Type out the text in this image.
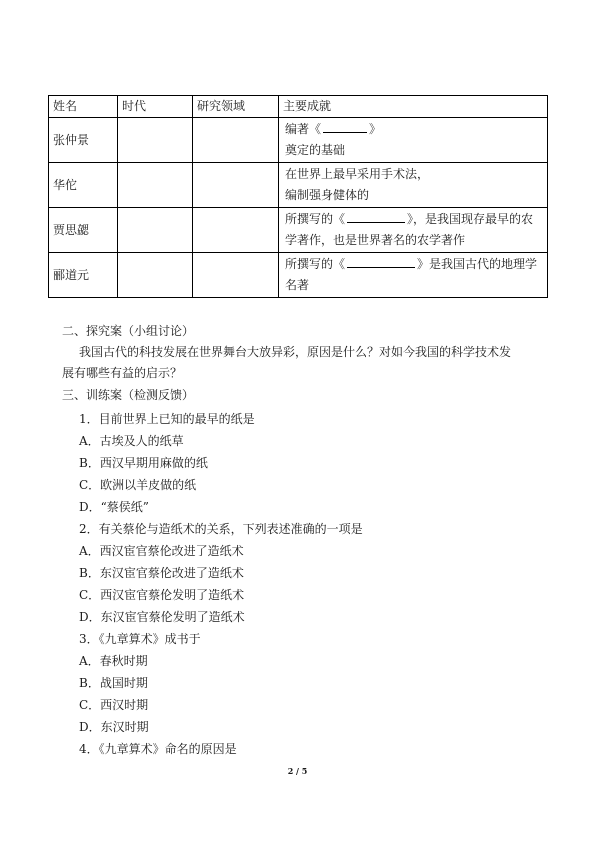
姓名	时代	研究领域	主要成就
张仲景			编著《 》
奠定的基础
华佗			在世界上最早采用手术法，
编制强身健体的
贾思勰			所撰写的《 》，是我国现存最早的农学著作，也是世界著名的农学著作
郦道元			所撰写的《 》是我国古代的地理学名著
二、探究案（小组讨论）
我国古代的科技发展在世界舞台大放异彩，原因是什么？对如今我国的科学技术发展有哪些有益的启示？
三、训练案（检测反馈）
1．目前世界上已知的最早的纸是
A．古埃及人的纸草
B．西汉早期用麻做的纸
C．欧洲以羊皮做的纸
D．“蔡侯纸”
2．有关蔡伦与造纸术的关系，下列表述准确的一项是
A．西汉宦官蔡伦改进了造纸术
B．东汉宦官蔡伦改进了造纸术
C．西汉宦官蔡伦发明了造纸术
D．东汉宦官蔡伦发明了造纸术
3．《九章算术》成书于
A．春秋时期
B．战国时期
C．西汉时期
D．东汉时期
4．《九章算术》命名的原因是
2 / 5
